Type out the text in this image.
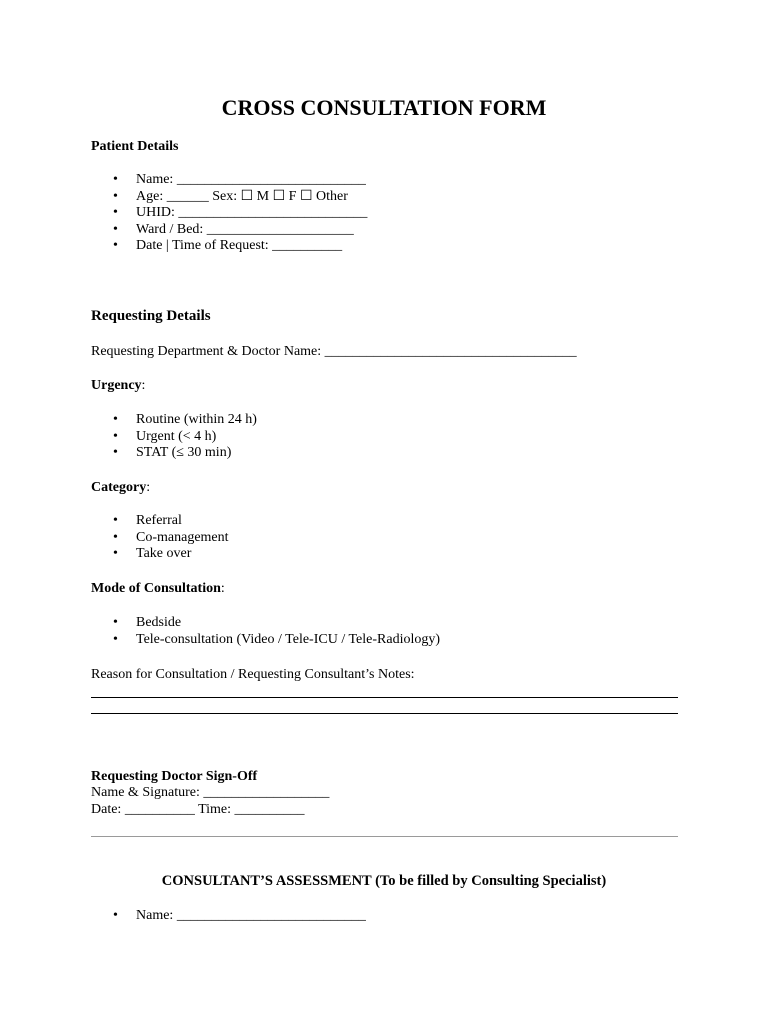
CROSS CONSULTATION FORM
Patient Details
• Name: ___________________________
• Age: ______ Sex: ☐ M ☐ F ☐ Other
• UHID: ___________________________
• Ward / Bed: _____________________
• Date | Time of Request: __________
Requesting Details
Requesting Department & Doctor Name: ____________________________________
Urgency:
• Routine (within 24 h)
• Urgent (< 4 h)
• STAT (≤ 30 min)
Category:
• Referral
• Co-management
• Take over
Mode of Consultation:
• Bedside
• Tele-consultation (Video / Tele-ICU / Tele-Radiology)
Reason for Consultation / Requesting Consultant’s Notes:
Requesting Doctor Sign-Off
Name & Signature: __________________
Date: __________ Time: __________
CONSULTANT’S ASSESSMENT (To be filled by Consulting Specialist)
• Name: ___________________________
